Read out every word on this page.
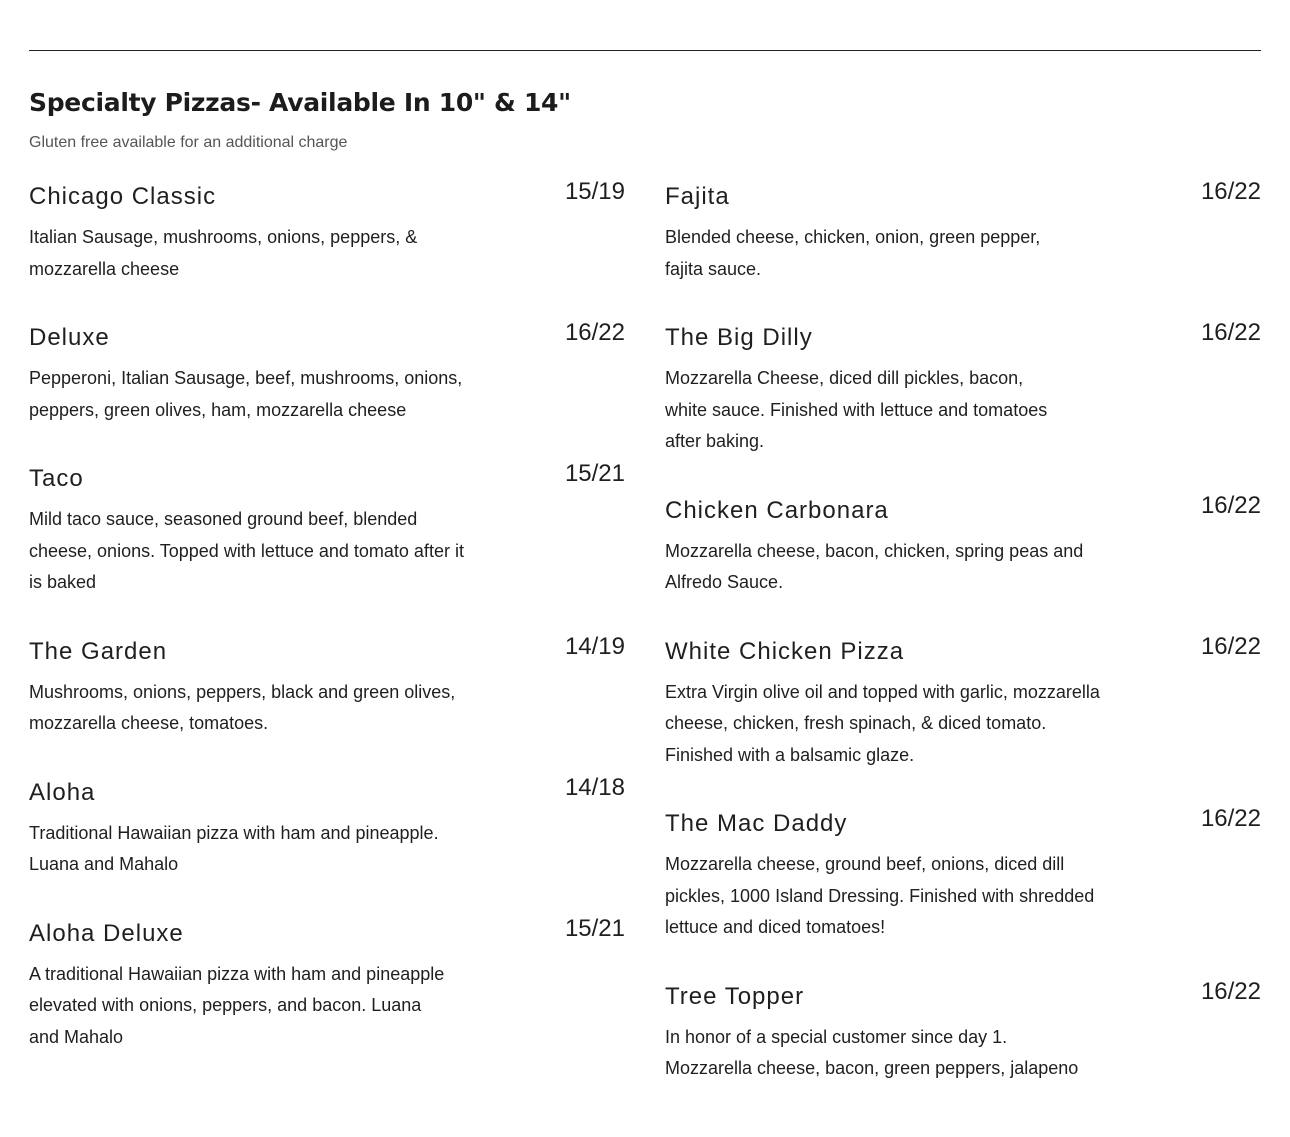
Specialty Pizzas- Available In 10" & 14"
Gluten free available for an additional charge
Chicago Classic	15/19
Italian Sausage, mushrooms, onions, peppers, &
mozzarella cheese
Deluxe	16/22
Pepperoni, Italian Sausage, beef, mushrooms, onions,
peppers, green olives, ham, mozzarella cheese
Taco	15/21
Mild taco sauce, seasoned ground beef, blended
cheese, onions. Topped with lettuce and tomato after it
is baked
The Garden	14/19
Mushrooms, onions, peppers, black and green olives,
mozzarella cheese, tomatoes.
Aloha	14/18
Traditional Hawaiian pizza with ham and pineapple.
Luana and Mahalo
Aloha Deluxe	15/21
A traditional Hawaiian pizza with ham and pineapple
elevated with onions, peppers, and bacon. Luana
and Mahalo
Fajita	16/22
Blended cheese, chicken, onion, green pepper,
fajita sauce.
The Big Dilly	16/22
Mozzarella Cheese, diced dill pickles, bacon,
white sauce. Finished with lettuce and tomatoes
after baking.
Chicken Carbonara	16/22
Mozzarella cheese, bacon, chicken, spring peas and
Alfredo Sauce.
White Chicken Pizza	16/22
Extra Virgin olive oil and topped with garlic, mozzarella
cheese, chicken, fresh spinach, & diced tomato.
Finished with a balsamic glaze.
The Mac Daddy	16/22
Mozzarella cheese, ground beef, onions, diced dill
pickles, 1000 Island Dressing. Finished with shredded
lettuce and diced tomatoes!
Tree Topper	16/22
In honor of a special customer since day 1.
Mozzarella cheese, bacon, green peppers, jalapeno
